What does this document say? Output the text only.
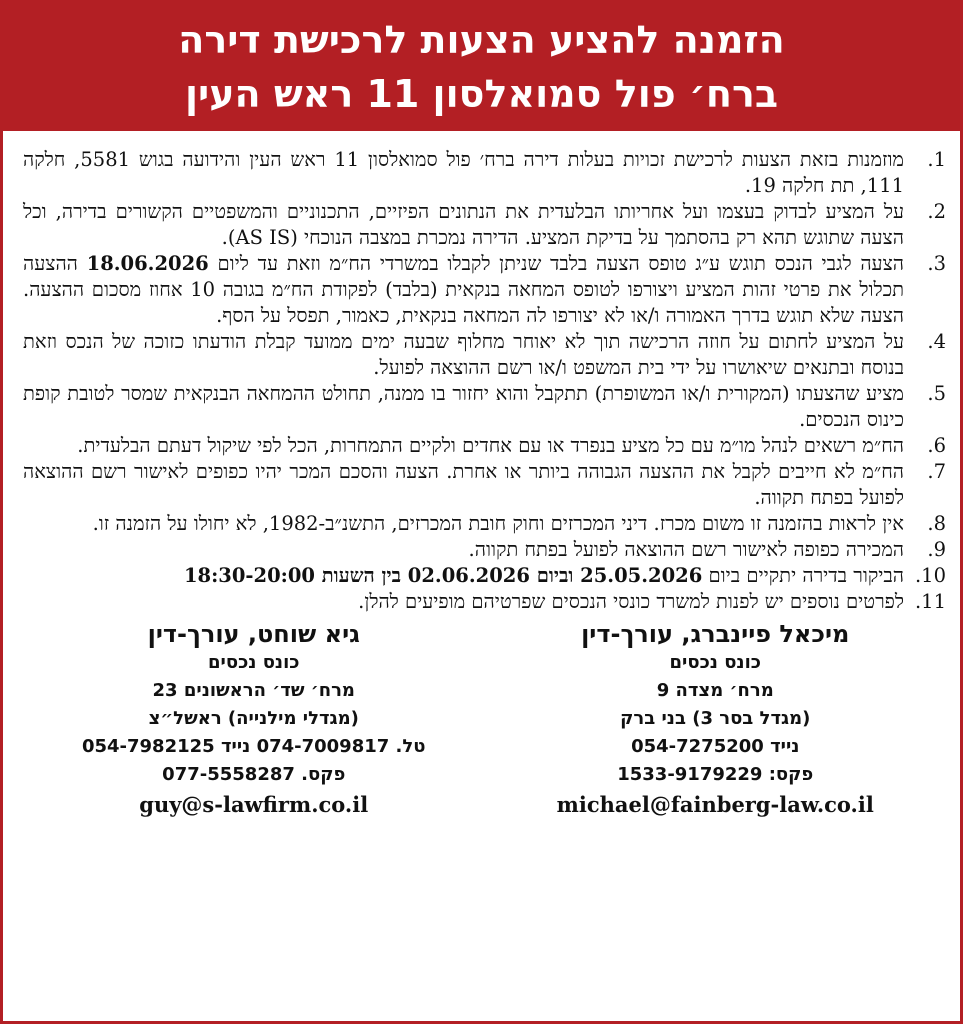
הזמנה להציע הצעות לרכישת דירה
ברח׳ פול סמואלסון 11 ראש העין
.1
מוזמנות בזאת הצעות לרכישת זכויות בעלות דירה ברח׳ פול סמואלסון 11 ראש העין והידועה בגוש 5581, חלקה 111, תת חלקה 19.
.2
על המציע לבדוק בעצמו ועל אחריותו הבלעדית את הנתונים הפיזיים, התכנוניים והמשפטיים הקשורים בדירה, וכל הצעה שתוגש תהא רק בהסתמך על בדיקת המציע. הדירה נמכרת במצבה הנוכחי (AS IS).
.3
הצעה לגבי הנכס תוגש ע״ג טופס הצעה בלבד שניתן לקבלו במשרדי הח״מ וזאת עד ליום 18.06.2026 ההצעה תכלול את פרטי זהות המציע ויצורפו לטופס המחאה בנקאית (בלבד) לפקודת הח״מ בגובה 10 אחוז מסכום ההצעה. הצעה שלא תוגש בדרך האמורה ו/או לא יצורפו לה המחאה בנקאית, כאמור, תפסל על הסף.
.4
על המציע לחתום על חוזה הרכישה תוך לא יאוחר מחלוף שבעה ימים ממועד קבלת הודעתו כזוכה של הנכס וזאת בנוסח ובתנאים שיאושרו על ידי בית המשפט ו/או רשם ההוצאה לפועל.
.5
מציע שהצעתו (המקורית ו/או המשופרת) תתקבל והוא יחזור בו ממנה, תחולט ההמחאה הבנקאית שמסר לטובת קופת כינוס הנכסים.
.6
הח״מ רשאים לנהל מו״מ עם כל מציע בנפרד או עם אחדים ולקיים התמחרות, הכל לפי שיקול דעתם הבלעדית.
.7
הח״מ לא חייבים לקבל את ההצעה הגבוהה ביותר או אחרת. הצעה והסכם המכר יהיו כפופים לאישור רשם ההוצאה לפועל בפתח תקווה.
.8
אין לראות בהזמנה זו משום מכרז. דיני המכרזים וחוק חובת המכרזים, התשנ״ב-1982, לא יחולו על הזמנה זו.
.9
המכירה כפופה לאישור רשם ההוצאה לפועל בפתח תקווה.
.10
הביקור בדירה יתקיים ביום 25.05.2026 וביום 02.06.2026 בין השעות 18:30-20:00
.11
לפרטים נוספים יש לפנות למשרד כונסי הנכסים שפרטיהם מופיעים להלן.
מיכאל פיינברג, עורך-דין
כונס נכסים
מרח׳ מצדה 9
(מגדל בסר 3) בני ברק
נייד 054-7275200
פקס: 1533-9179229
michael@fainberg-law.co.il
גיא שוחט, עורך-דין
כונס נכסים
מרח׳ שד׳ הראשונים 23
(מגדלי מילנייה) ראשל״צ
טל. 074-7009817 נייד 054-7982125
פקס. 077-5558287
guy@s-lawfirm.co.il
